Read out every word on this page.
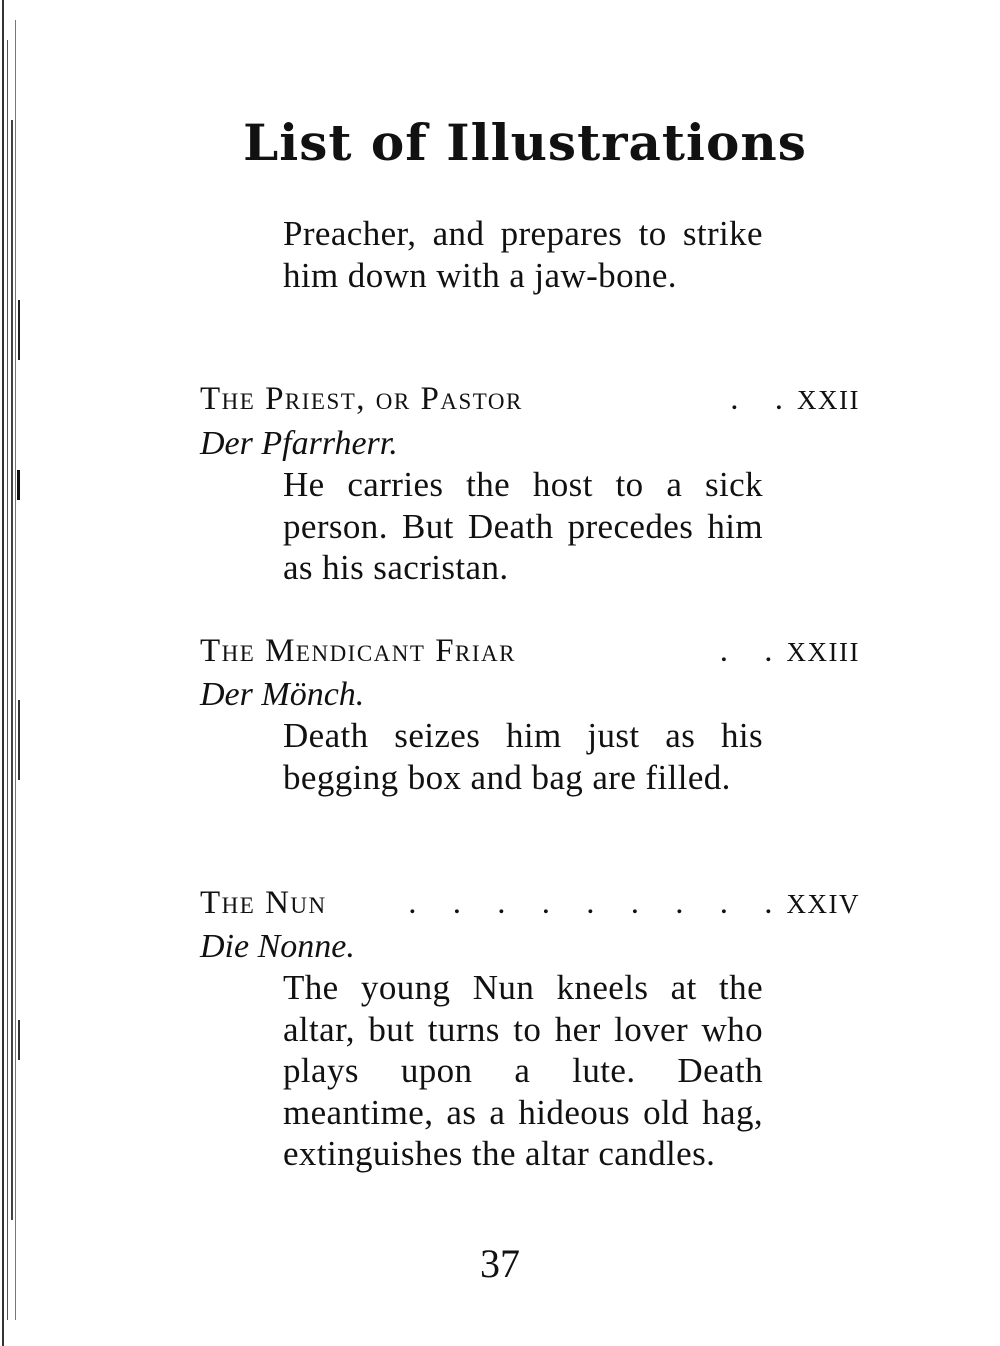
List of Illustrations
Preacher, and prepares to strike him down with a jaw-bone.
The Priest, or Pastor	. . XXII
Der Pfarrherr.
He carries the host to a sick person. But Death precedes him as his sacristan.
The Mendicant Friar	. . XXIII
Der Mönch.
Death seizes him just as his begging box and bag are filled.
The Nun	. . . . . . . . . XXIV
Die Nonne.
The young Nun kneels at the altar, but turns to her lover who plays upon a lute. Death meantime, as a hideous old hag, extinguishes the altar candles.
37
